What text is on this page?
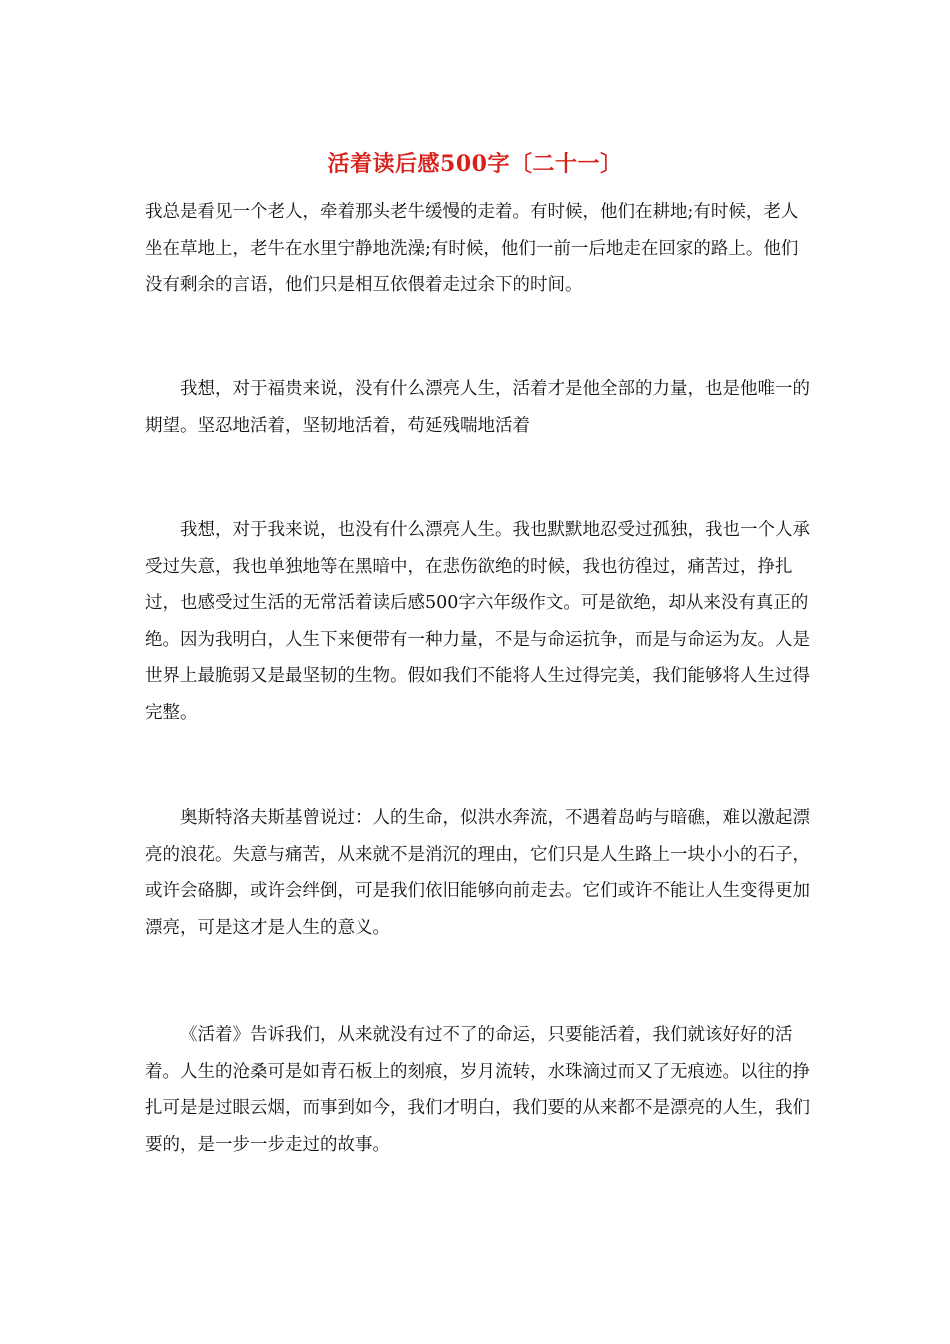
活着读后感500字〔二十一〕

我总是看见一个老人，牵着那头老牛缓慢的走着。有时候，他们在耕地;有时候，老人坐在草地上，老牛在水里宁静地洗澡;有时候，他们一前一后地走在回家的路上。他们没有剩余的言语，他们只是相互依偎着走过余下的时间。

我想，对于福贵来说，没有什么漂亮人生，活着才是他全部的力量，也是他唯一的期望。坚忍地活着，坚韧地活着，苟延残喘地活着

我想，对于我来说，也没有什么漂亮人生。我也默默地忍受过孤独，我也一个人承受过失意，我也单独地等在黑暗中，在悲伤欲绝的时候，我也彷徨过，痛苦过，挣扎过，也感受过生活的无常活着读后感500字六年级作文。可是欲绝，却从来没有真正的绝。因为我明白，人生下来便带有一种力量，不是与命运抗争，而是与命运为友。人是世界上最脆弱又是最坚韧的生物。假如我们不能将人生过得完美，我们能够将人生过得完整。

奥斯特洛夫斯基曾说过：人的生命，似洪水奔流，不遇着岛屿与暗礁，难以激起漂亮的浪花。失意与痛苦，从来就不是消沉的理由，它们只是人生路上一块小小的石子，或许会硌脚，或许会绊倒，可是我们依旧能够向前走去。它们或许不能让人生变得更加漂亮，可是这才是人生的意义。

《活着》告诉我们，从来就没有过不了的命运，只要能活着，我们就该好好的活着。人生的沧桑可是如青石板上的刻痕，岁月流转，水珠滴过而又了无痕迹。以往的挣扎可是是过眼云烟，而事到如今，我们才明白，我们要的从来都不是漂亮的人生，我们要的，是一步一步走过的故事。
